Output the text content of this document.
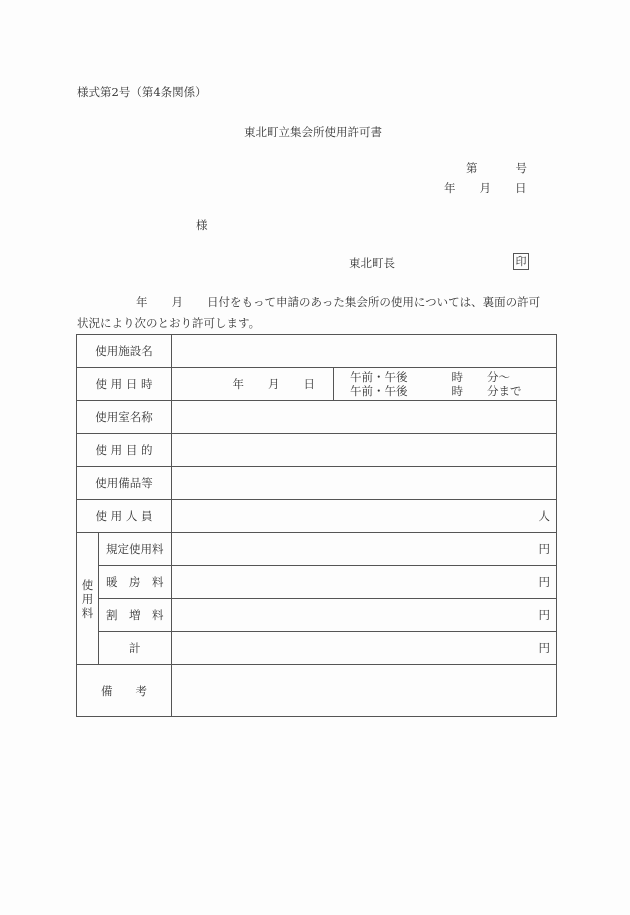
様式第2号（第4条関係）
東北町立集会所使用許可書
第	号
年 月 日
様
東北町長	印
年 月 日付をもって申請のあった集会所の使用については、裏面の許可
状況により次のとおり許可します。
使用施設名			
使 用 日 時		年 月 日	午前・午後 時 分～
午前・午後 時 分まで
使用室名称			
使 用 目 的			
使用備品等			
使 用 人 員		人	
使
用
料	規定使用料	円	
	暖　房　料	円	
	割　増　料	円	
	　　計	円	
備　　考			
